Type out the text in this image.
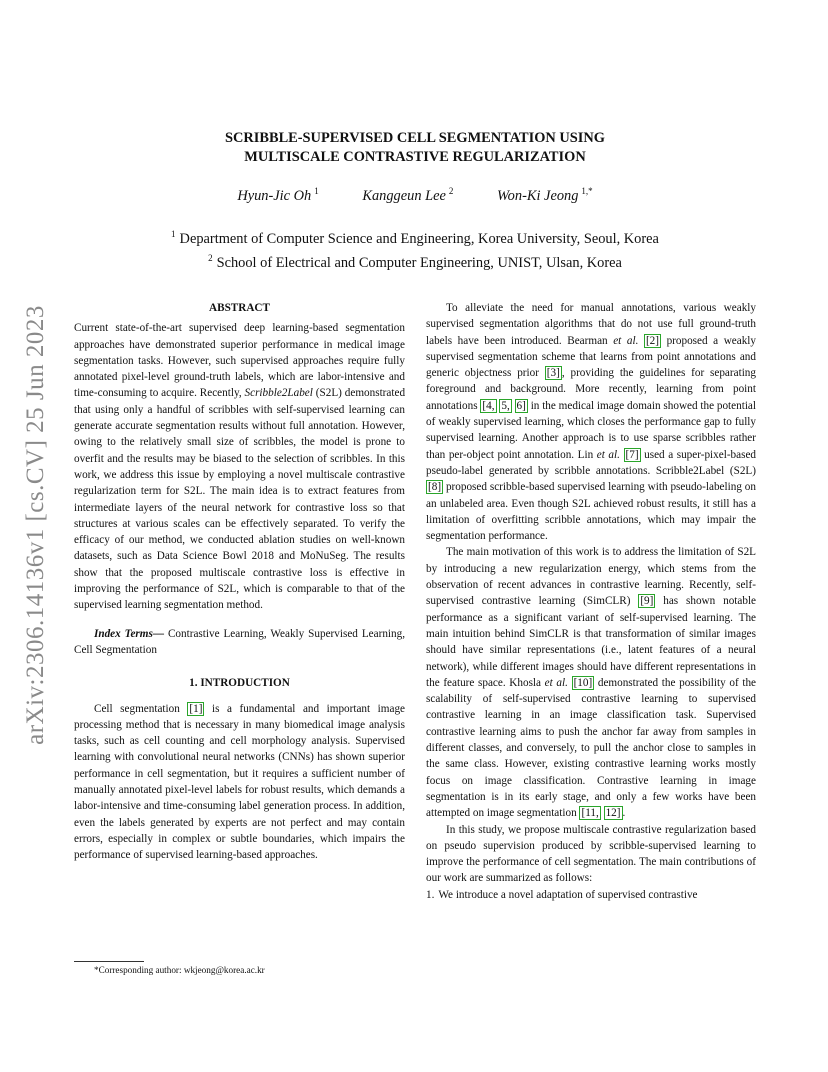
arXiv:2306.14136v1 [cs.CV] 25 Jun 2023
SCRIBBLE-SUPERVISED CELL SEGMENTATION USING
MULTISCALE CONTRASTIVE REGULARIZATION
Hyun-Jic Oh $^1$	Kanggeun Lee $^2$	Won-Ki Jeong $^{1,*}$
$^1$ Department of Computer Science and Engineering, Korea University, Seoul, Korea
$^2$ School of Electrical and Computer Engineering, UNIST, Ulsan, Korea
ABSTRACT

Current state-of-the-art supervised deep learning-based segmentation approaches have demonstrated superior performance in medical image segmentation tasks. However, such supervised approaches require fully annotated pixel-level ground-truth labels, which are labor-intensive and time-consuming to acquire. Recently, Scribble2Label (S2L) demonstrated that using only a handful of scribbles with self-supervised learning can generate accurate segmentation results without full annotation. However, owing to the relatively small size of scribbles, the model is prone to overfit and the results may be biased to the selection of scribbles. In this work, we address this issue by employing a novel multiscale contrastive regularization term for S2L. The main idea is to extract features from intermediate layers of the neural network for contrastive loss so that structures at various scales can be effectively separated. To verify the efficacy of our method, we conducted ablation studies on well-known datasets, such as Data Science Bowl 2018 and MoNuSeg. The results show that the proposed multiscale contrastive loss is effective in improving the performance of S2L, which is comparable to that of the supervised learning segmentation method.

Index Terms— Contrastive Learning, Weakly Supervised Learning, Cell Segmentation

1. INTRODUCTION

Cell segmentation [1] is a fundamental and important image processing method that is necessary in many biomedical image analysis tasks, such as cell counting and cell morphology analysis. Supervised learning with convolutional neural networks (CNNs) has shown superior performance in cell segmentation, but it requires a sufficient number of manually annotated pixel-level labels for robust results, which demands a labor-intensive and time-consuming label generation process. In addition, even the labels generated by experts are not perfect and may contain errors, especially in complex or subtle boundaries, which impairs the performance of supervised learning-based approaches.

*Corresponding author: wkjeong@korea.ac.kr

To alleviate the need for manual annotations, various weakly supervised segmentation algorithms that do not use full ground-truth labels have been introduced. Bearman et al. [2] proposed a weakly supervised segmentation scheme that learns from point annotations and generic objectness prior [3] , providing the guidelines for separating foreground and background. More recently, learning from point annotations [4, 5, 6] in the medical image domain showed the potential of weakly supervised learning, which closes the performance gap to fully supervised learning. Another approach is to use sparse scribbles rather than per-object point annotation. Lin et al. [7] used a super-pixel-based pseudo-label generated by scribble annotations. Scribble2Label (S2L) [8] proposed scribble-based supervised learning with pseudo-labeling on an unlabeled area. Even though S2L achieved robust results, it still has a limitation of overfitting scribble annotations, which may impair the segmentation performance.

The main motivation of this work is to address the limitation of S2L by introducing a new regularization energy, which stems from the observation of recent advances in contrastive learning. Recently, self-supervised contrastive learning (SimCLR) [9] has shown notable performance as a significant variant of self-supervised learning. The main intuition behind SimCLR is that transformation of similar images should have similar representations (i.e., latent features of a neural network), while different images should have different representations in the feature space. Khosla et al. [10] demonstrated the possibility of the scalability of self-supervised contrastive learning to supervised contrastive learning in an image classification task. Supervised contrastive learning aims to push the anchor far away from samples in different classes, and conversely, to pull the anchor close to samples in the same class. However, existing contrastive learning works mostly focus on image classification. Contrastive learning in image segmentation is in its early stage, and only a few works have been attempted on image segmentation [11, 12] .

In this study, we propose multiscale contrastive regularization based on pseudo supervision produced by scribble-supervised learning to improve the performance of cell segmentation. The main contributions of our work are summarized as follows:

1. We introduce a novel adaptation of supervised contrastive
